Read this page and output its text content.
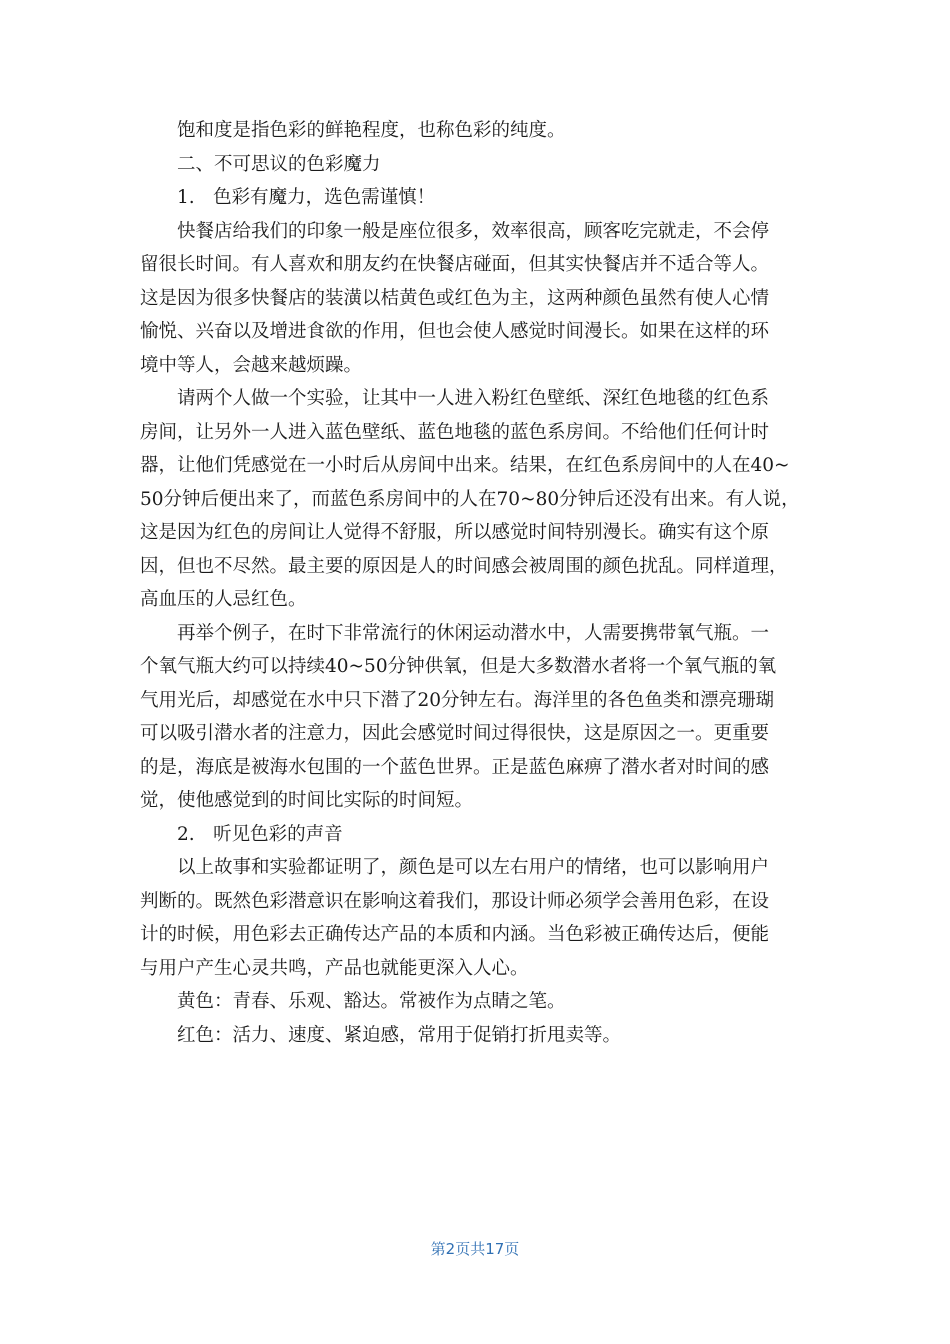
饱和度是指色彩的鲜艳程度，也称色彩的纯度。
二、不可思议的色彩魔力
1.　色彩有魔力，选色需谨慎！
快餐店给我们的印象一般是座位很多，效率很高，顾客吃完就走，不会停
留很长时间。有人喜欢和朋友约在快餐店碰面，但其实快餐店并不适合等人。
这是因为很多快餐店的装潢以桔黄色或红色为主，这两种颜色虽然有使人心情
愉悦、兴奋以及增进食欲的作用，但也会使人感觉时间漫长。如果在这样的环
境中等人，会越来越烦躁。
请两个人做一个实验，让其中一人进入粉红色壁纸、深红色地毯的红色系
房间，让另外一人进入蓝色壁纸、蓝色地毯的蓝色系房间。不给他们任何计时
器，让他们凭感觉在一小时后从房间中出来。结果，在红色系房间中的人在40~
50分钟后便出来了，而蓝色系房间中的人在70~80分钟后还没有出来。有人说，
这是因为红色的房间让人觉得不舒服，所以感觉时间特别漫长。确实有这个原
因，但也不尽然。最主要的原因是人的时间感会被周围的颜色扰乱。同样道理，
高血压的人忌红色。
再举个例子，在时下非常流行的休闲运动潜水中，人需要携带氧气瓶。一
个氧气瓶大约可以持续40~50分钟供氧，但是大多数潜水者将一个氧气瓶的氧
气用光后，却感觉在水中只下潜了20分钟左右。海洋里的各色鱼类和漂亮珊瑚
可以吸引潜水者的注意力，因此会感觉时间过得很快，这是原因之一。更重要
的是，海底是被海水包围的一个蓝色世界。正是蓝色麻痹了潜水者对时间的感
觉，使他感觉到的时间比实际的时间短。
2.　听见色彩的声音
以上故事和实验都证明了，颜色是可以左右用户的情绪，也可以影响用户
判断的。既然色彩潜意识在影响这着我们，那设计师必须学会善用色彩，在设
计的时候，用色彩去正确传达产品的本质和内涵。当色彩被正确传达后，便能
与用户产生心灵共鸣，产品也就能更深入人心。
黄色：青春、乐观、豁达。常被作为点睛之笔。
红色：活力、速度、紧迫感，常用于促销打折甩卖等。
第2页共17页
